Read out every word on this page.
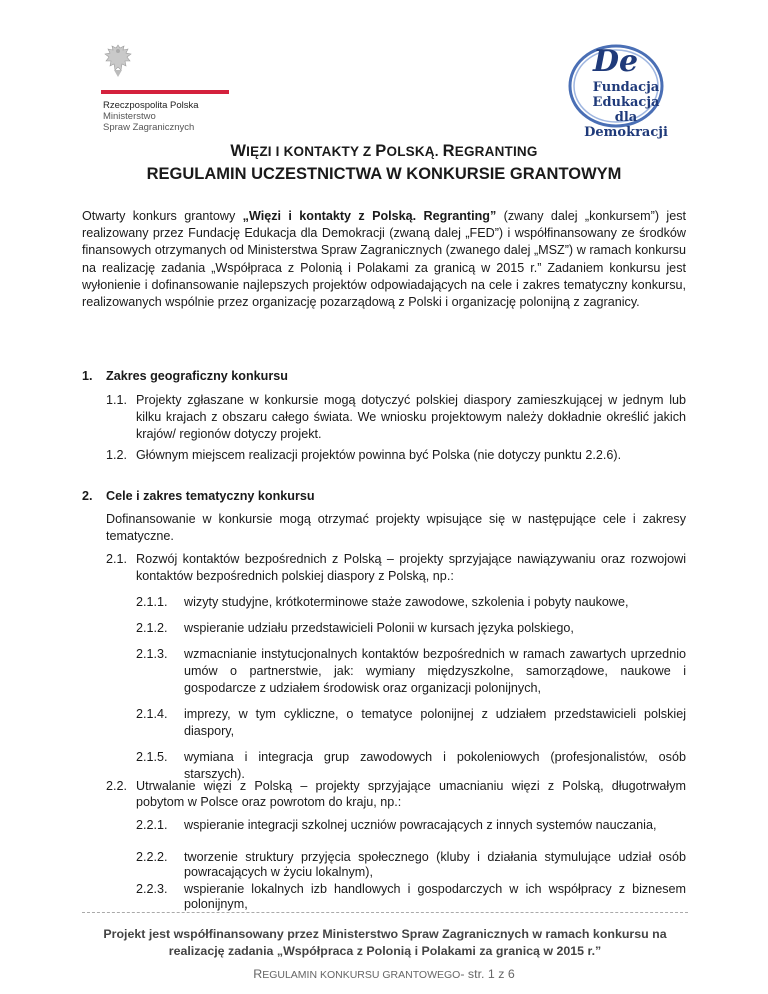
Rzeczpospolita Polska
Ministerstwo
Spraw Zagranicznych
De
Fundacja Edukacja
dla Demokracji
WIĘZI I KONTAKTY Z POLSKĄ. REGRANTING
REGULAMIN UCZESTNICTWA W KONKURSIE GRANTOWYM
Otwarty konkurs grantowy „Więzi i kontakty z Polską. Regranting” (zwany dalej „konkursem”) jest realizowany przez Fundację Edukacja dla Demokracji (zwaną dalej „FED”) i współfinansowany ze środków finansowych otrzymanych od Ministerstwa Spraw Zagranicznych (zwanego dalej „MSZ”) w ramach konkursu na realizację zadania „Współpraca z Polonią i Polakami za granicą w 2015 r.” Zadaniem konkursu jest wyłonienie i dofinansowanie najlepszych projektów odpowiadających na cele i zakres tematyczny konkursu, realizowanych wspólnie przez organizację pozarządową z Polski i organizację polonijną z zagranicy.
1. Zakres geograficzny konkursu
1.1. Projekty zgłaszane w konkursie mogą dotyczyć polskiej diaspory zamieszkującej w jednym lub kilku krajach z obszaru całego świata. We wniosku projektowym należy dokładnie określić jakich krajów/ regionów dotyczy projekt.
1.2. Głównym miejscem realizacji projektów powinna być Polska (nie dotyczy punktu 2.2.6).
2. Cele i zakres tematyczny konkursu
Dofinansowanie w konkursie mogą otrzymać projekty wpisujące się w następujące cele i zakresy tematyczne.
2.1. Rozwój kontaktów bezpośrednich z Polską – projekty sprzyjające nawiązywaniu oraz rozwojowi kontaktów bezpośrednich polskiej diaspory z Polską, np.:
2.1.1. wizyty studyjne, krótkoterminowe staże zawodowe, szkolenia i pobyty naukowe,
2.1.2. wspieranie udziału przedstawicieli Polonii w kursach języka polskiego,
2.1.3. wzmacnianie instytucjonalnych kontaktów bezpośrednich w ramach zawartych uprzednio umów o partnerstwie, jak: wymiany międzyszkolne, samorządowe, naukowe i gospodarcze z udziałem środowisk oraz organizacji polonijnych,
2.1.4. imprezy, w tym cykliczne, o tematyce polonijnej z udziałem przedstawicieli polskiej diaspory,
2.1.5. wymiana i integracja grup zawodowych i pokoleniowych (profesjonalistów, osób starszych).
2.2. Utrwalanie więzi z Polską – projekty sprzyjające umacnianiu więzi z Polską, długotrwałym pobytom w Polsce oraz powrotom do kraju, np.:
2.2.1. wspieranie integracji szkolnej uczniów powracających z innych systemów nauczania,
Projekt jest współfinansowany przez Ministerstwo Spraw Zagranicznych w ramach konkursu na
realizację zadania „Współpraca z Polonią i Polakami za granicą w 2015 r.”
REGULAMIN KONKURSU GRANTOWEGO- str. 1 z 6
2.2.2. tworzenie struktury przyjęcia społecznego (kluby i działania stymulujące udział osób powracających w życiu lokalnym),
2.2.3. wspieranie lokalnych izb handlowych i gospodarczych w ich współpracy z biznesem polonijnym,
